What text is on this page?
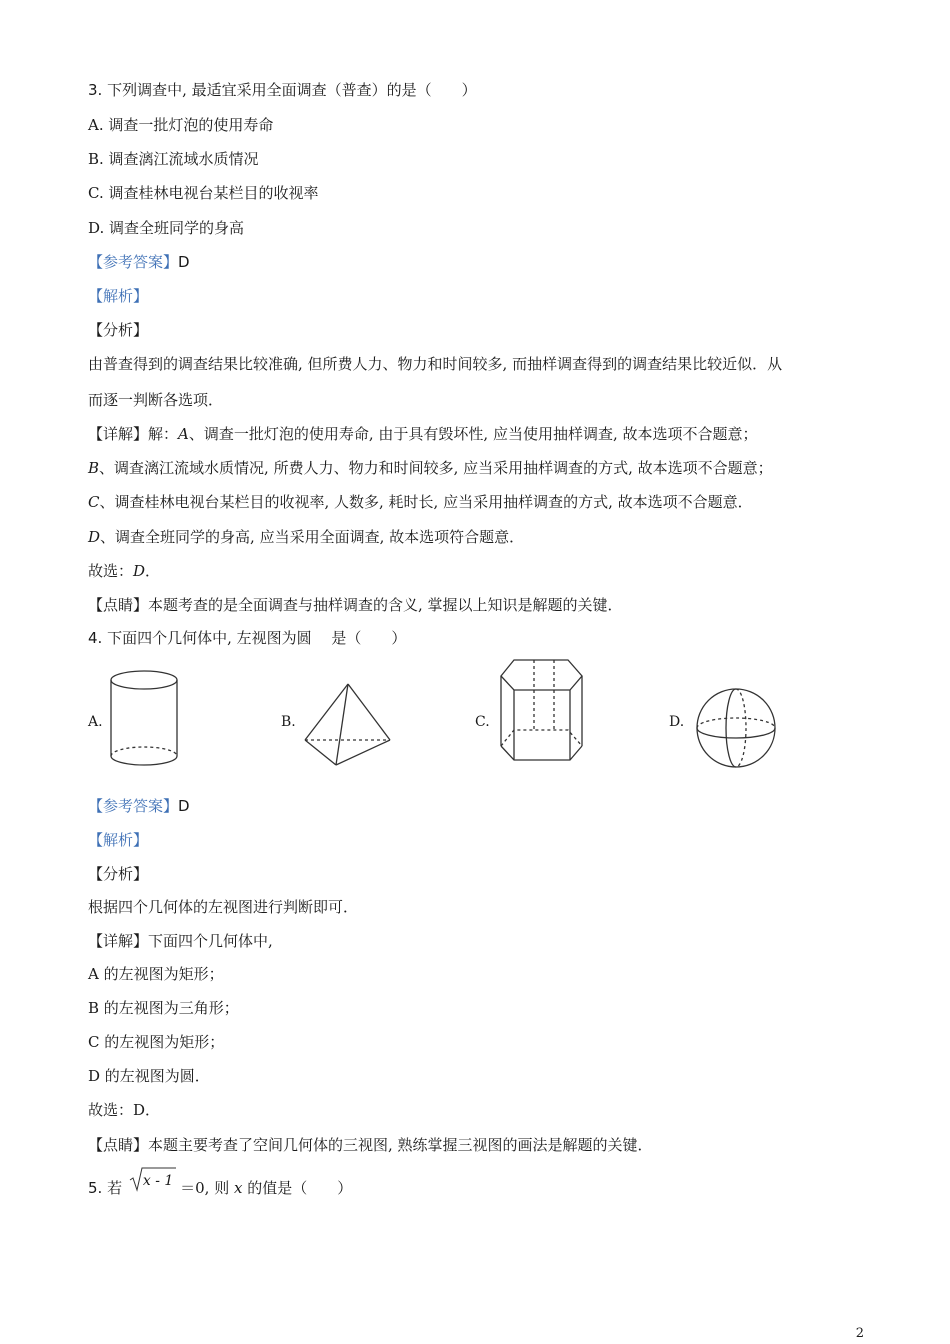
3. 下列调查中, 最适宜采用全面调查（普查）的是（　　）
A. 调查一批灯泡的使用寿命
B. 调查漓江流域水质情况
C. 调查桂林电视台某栏目的收视率
D. 调查全班同学的身高
【参考答案】D
【解析】
【分析】
由普查得到的调查结果比较准确, 但所费人力、物力和时间较多, 而抽样调查得到的调查结果比较近似．从
而逐一判断各选项．
【详解】解：A、调查一批灯泡的使用寿命, 由于具有毁坏性, 应当使用抽样调查, 故本选项不合题意；
B、调查漓江流域水质情况, 所费人力、物力和时间较多, 应当采用抽样调查的方式, 故本选项不合题意；
C、调查桂林电视台某栏目的收视率, 人数多, 耗时长, 应当采用抽样调查的方式, 故本选项不合题意．
D、调查全班同学的身高, 应当采用全面调查, 故本选项符合题意．
故选：D．
【点睛】本题考查的是全面调查与抽样调查的含义, 掌握以上知识是解题的关键．
4. 下面四个几何体中, 左视图为圆　 是（　　）
A.	B.	C.	D.
【参考答案】D
【解析】
【分析】
根据四个几何体的左视图进行判断即可．
【详解】下面四个几何体中,
A 的左视图为矩形；
B 的左视图为三角形；
C 的左视图为矩形；
D 的左视图为圆．
故选：D．
【点睛】本题主要考查了空间几何体的三视图, 熟练掌握三视图的画法是解题的关键．
5. 若 x - 1 ＝0, 则 x 的值是（　　）
2
